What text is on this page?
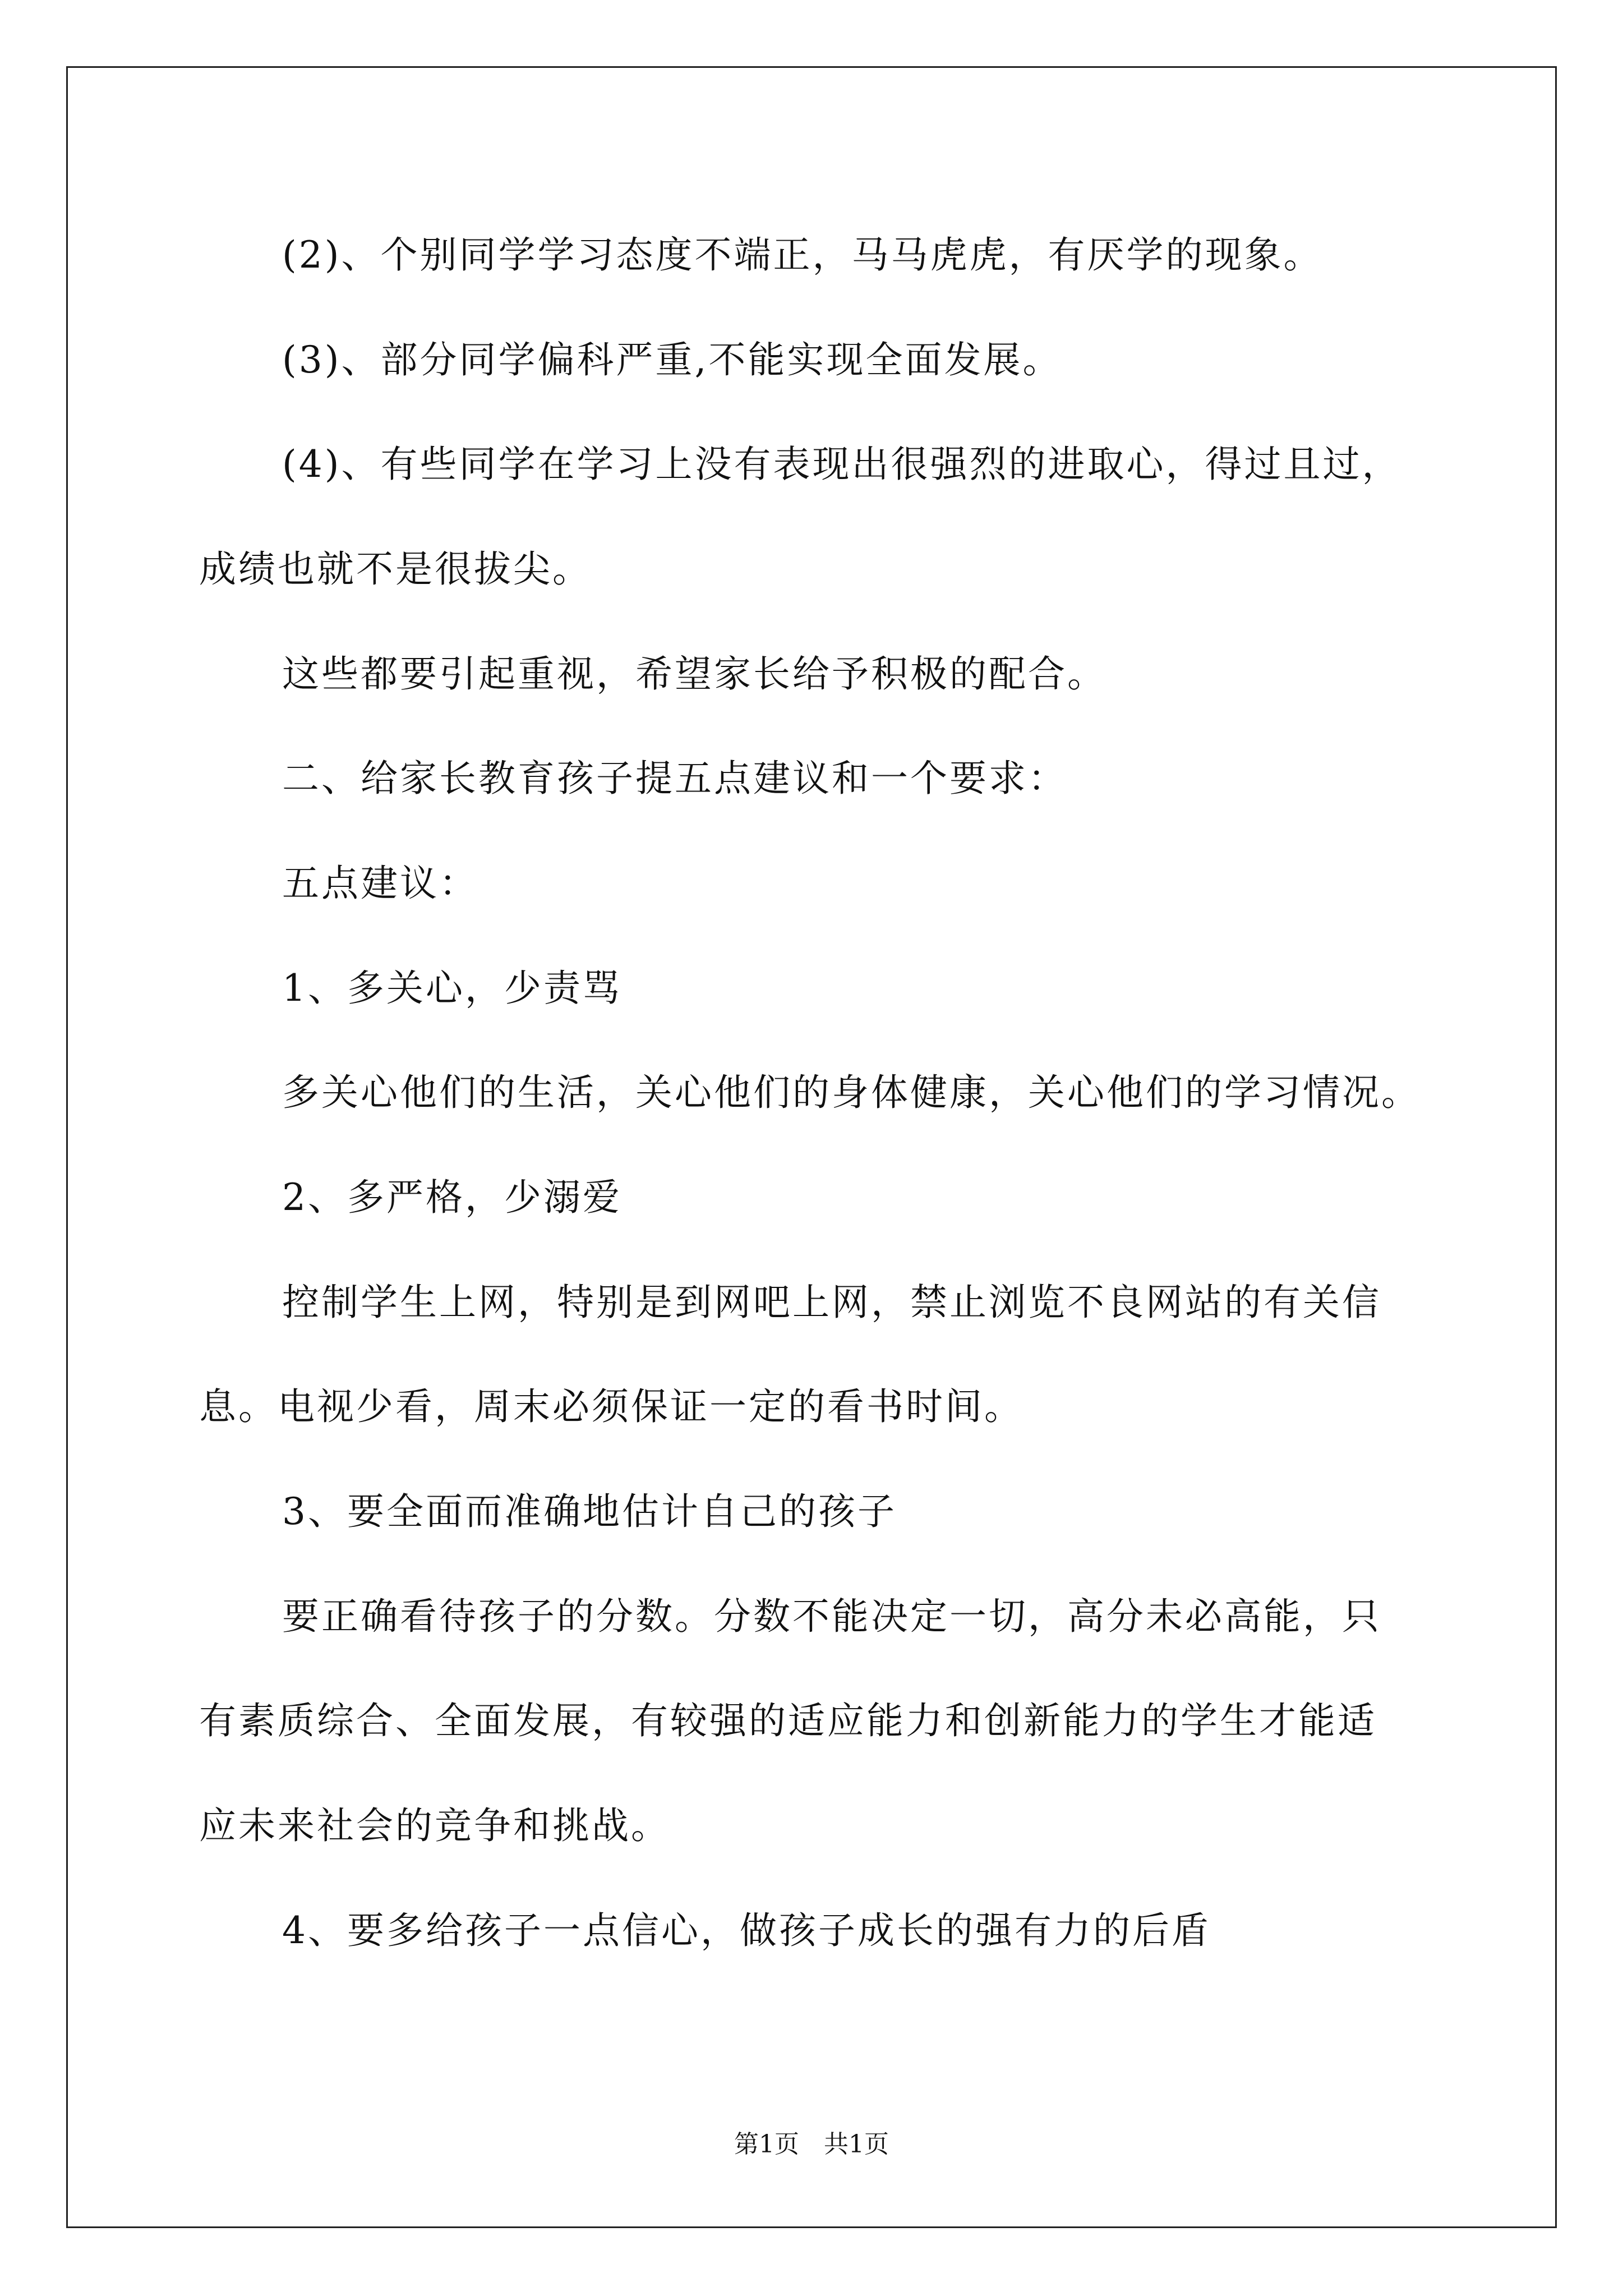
(2)、个别同学学习态度不端正，马马虎虎，有厌学的现象。
(3)、部分同学偏科严重,不能实现全面发展。
(4)、有些同学在学习上没有表现出很强烈的进取心，得过且过，
成绩也就不是很拔尖。
这些都要引起重视，希望家长给予积极的配合。
二、给家长教育孩子提五点建议和一个要求：
五点建议：
1、多关心，少责骂
多关心他们的生活，关心他们的身体健康，关心他们的学习情况。
2、多严格，少溺爱
控制学生上网，特别是到网吧上网，禁止浏览不良网站的有关信
息。电视少看，周末必须保证一定的看书时间。
3、要全面而准确地估计自己的孩子
要正确看待孩子的分数。分数不能决定一切，高分未必高能，只
有素质综合、全面发展，有较强的适应能力和创新能力的学生才能适
应未来社会的竞争和挑战。
4、要多给孩子一点信心，做孩子成长的强有力的后盾
第1页　共1页
